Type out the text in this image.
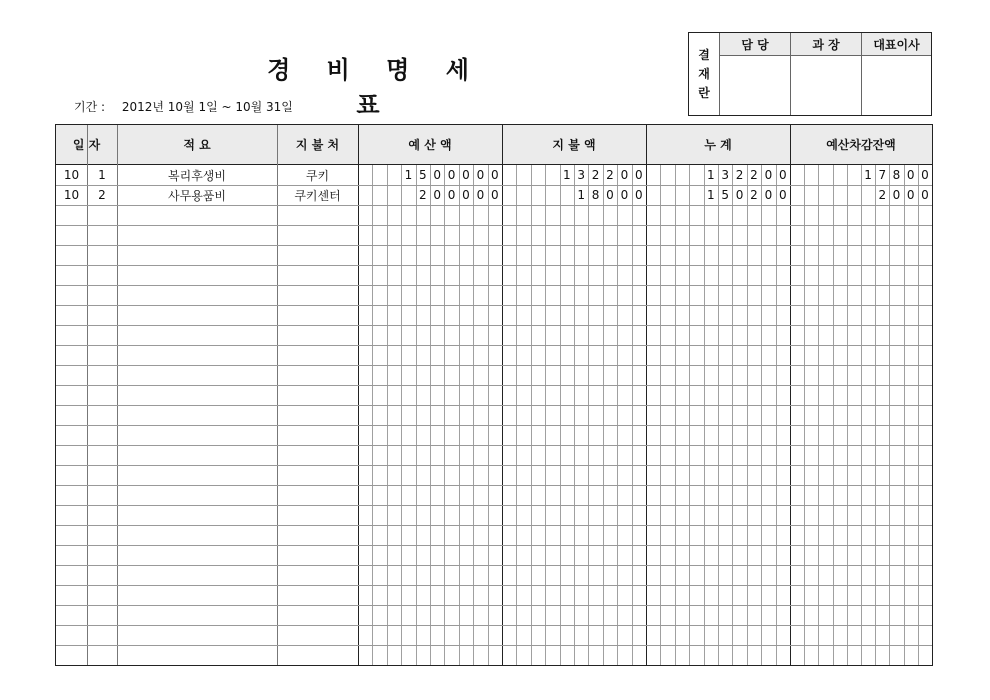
경 비 명 세 표
기간 : 2012년 10월 1일 ~ 10월 31일
결
재
란
담 당	과 장	대표이사
일 자	적 요	지 불 처	예 산 액	지 불 액	누 계	예산차감잔액
10	1	복리후생비	쿠키	1 5 0 0 0 0 0	1 3 2 2 0 0	1 3 2 2 0 0	1 7 8 0 0
10	2	사무용품비	쿠키센터	2 0 0 0 0 0	1 8 0 0 0	1 5 0 2 0 0	2 0 0 0
